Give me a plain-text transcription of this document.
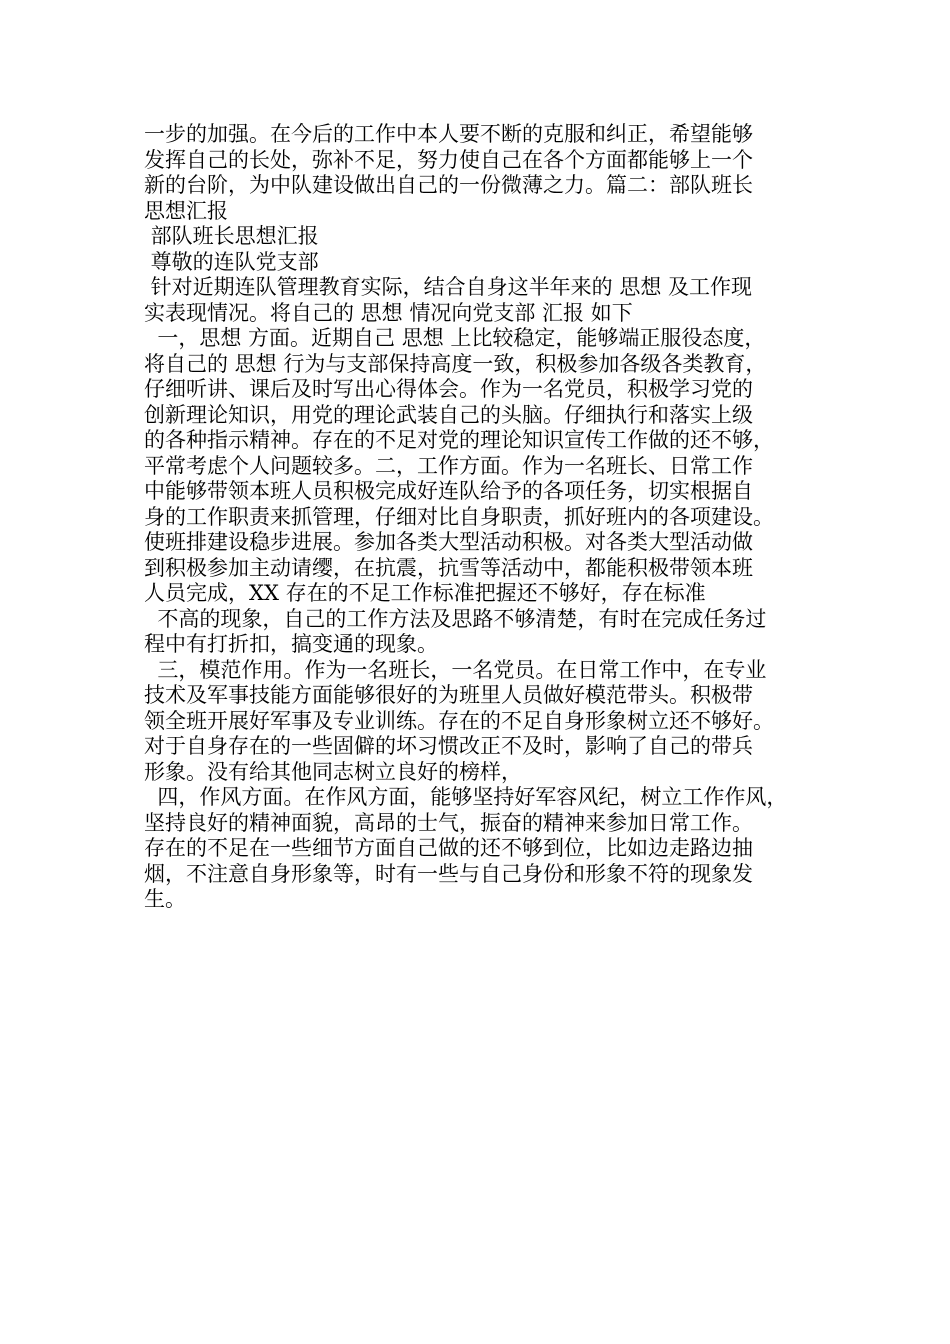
一步的加强。在今后的工作中本人要不断的克服和纠正，希望能够
发挥自己的长处，弥补不足，努力使自己在各个方面都能够上一个
新的台阶，为中队建设做出自己的一份微薄之力。篇二：部队班长
思想汇报
部队班长思想汇报
尊敬的连队党支部
针对近期连队管理教育实际，结合自身这半年来的 思想 及工作现
实表现情况。将自己的 思想 情况向党支部 汇报 如下
一，思想 方面。近期自己 思想 上比较稳定，能够端正服役态度，
将自己的 思想 行为与支部保持高度一致，积极参加各级各类教育，
仔细听讲、课后及时写出心得体会。作为一名党员，积极学习党的
创新理论知识，用党的理论武装自己的头脑。仔细执行和落实上级
的各种指示精神。存在的不足对党的理论知识宣传工作做的还不够，
平常考虑个人问题较多。二，工作方面。作为一名班长、日常工作
中能够带领本班人员积极完成好连队给予的各项任务，切实根据自
身的工作职责来抓管理，仔细对比自身职责，抓好班内的各项建设。
使班排建设稳步进展。参加各类大型活动积极。对各类大型活动做
到积极参加主动请缨，在抗震，抗雪等活动中，都能积极带领本班
人员完成，XX 存在的不足工作标准把握还不够好，存在标准
不高的现象，自己的工作方法及思路不够清楚，有时在完成任务过
程中有打折扣，搞变通的现象。
三，模范作用。作为一名班长，一名党员。在日常工作中，在专业
技术及军事技能方面能够很好的为班里人员做好模范带头。积极带
领全班开展好军事及专业训练。存在的不足自身形象树立还不够好。
对于自身存在的一些固僻的坏习惯改正不及时，影响了自己的带兵
形象。没有给其他同志树立良好的榜样，
四，作风方面。在作风方面，能够坚持好军容风纪，树立工作作风，
坚持良好的精神面貌，高昂的士气，振奋的精神来参加日常工作。
存在的不足在一些细节方面自己做的还不够到位，比如边走路边抽
烟，不注意自身形象等，时有一些与自己身份和形象不符的现象发
生。
